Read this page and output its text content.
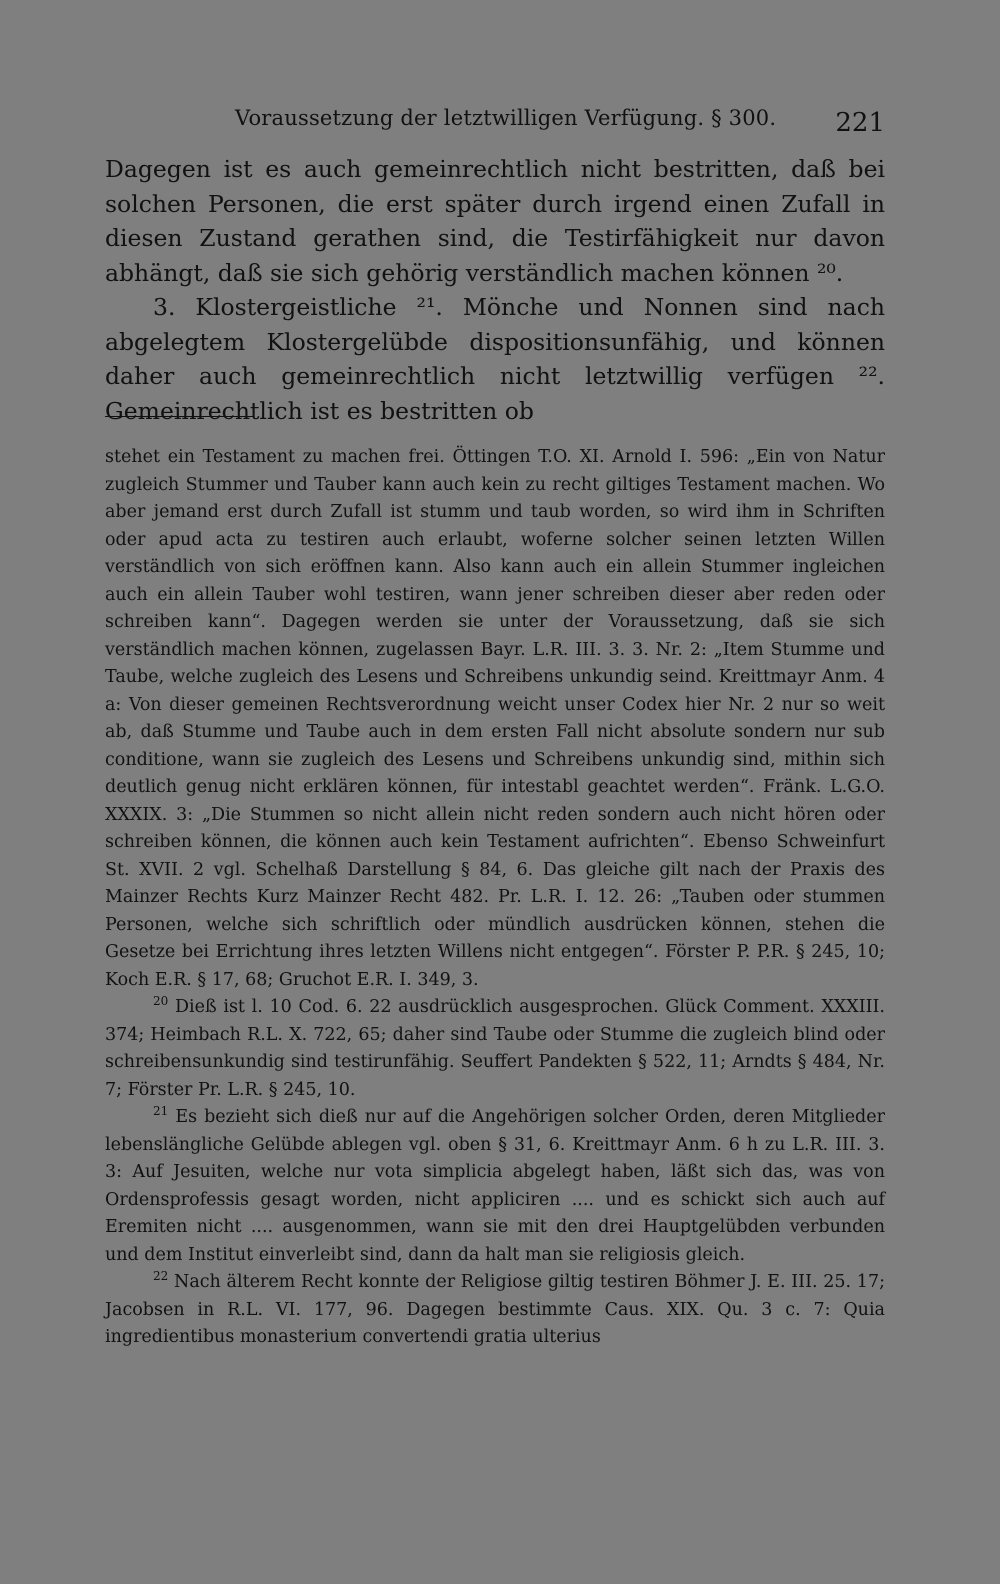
Voraussetzung der letztwilligen Verfügung. § 300. 221

Dagegen ist es auch gemeinrechtlich nicht bestritten, daß bei solchen Personen, die erst später durch irgend einen Zufall in diesen Zustand gerathen sind, die Testirfähigkeit nur davon abhängt, daß sie sich gehörig verständlich machen können ²⁰.

3. Klostergeistliche ²¹. Mönche und Nonnen sind nach abgelegtem Klostergelübde dispositionsunfähig, und können daher auch gemeinrechtlich nicht letztwillig verfügen ²². Gemeinrechtlich ist es bestritten ob

stehet ein Testament zu machen frei. Öttingen T.O. XI. Arnold I. 596: „Ein von Natur zugleich Stummer und Tauber kann auch kein zu recht giltiges Testament machen. Wo aber jemand erst durch Zufall ist stumm und taub worden, so wird ihm in Schriften oder apud acta zu testiren auch erlaubt, woferne solcher seinen letzten Willen verständlich von sich eröffnen kann. Also kann auch ein allein Stummer ingleichen auch ein allein Tauber wohl testiren, wann jener schreiben dieser aber reden oder schreiben kann“. Dagegen werden sie unter der Voraussetzung, daß sie sich verständlich machen können, zugelassen Bayr. L.R. III. 3. 3. Nr. 2: „Item Stumme und Taube, welche zugleich des Lesens und Schreibens unkundig seind. Kreittmayr Anm. 4 a: Von dieser gemeinen Rechtsverordnung weicht unser Codex hier Nr. 2 nur so weit ab, daß Stumme und Taube auch in dem ersten Fall nicht absolute sondern nur sub conditione, wann sie zugleich des Lesens und Schreibens unkundig sind, mithin sich deutlich genug nicht erklären können, für intestabl geachtet werden“. Fränk. L.G.O. XXXIX. 3: „Die Stummen so nicht allein nicht reden sondern auch nicht hören oder schreiben können, die können auch kein Testament aufrichten“. Ebenso Schweinfurt St. XVII. 2 vgl. Schelhaß Darstellung § 84, 6. Das gleiche gilt nach der Praxis des Mainzer Rechts Kurz Mainzer Recht 482. Pr. L.R. I. 12. 26: „Tauben oder stummen Personen, welche sich schriftlich oder mündlich ausdrücken können, stehen die Gesetze bei Errichtung ihres letzten Willens nicht entgegen“. Förster P. P.R. § 245, 10; Koch E.R. § 17, 68; Gruchot E.R. I. 349, 3.

$^{20}$ Dieß ist l. 10 Cod. 6. 22 ausdrücklich ausgesprochen. Glück Comment. XXXIII. 374; Heimbach R.L. X. 722, 65; daher sind Taube oder Stumme die zugleich blind oder schreibensunkundig sind testirunfähig. Seuffert Pandekten § 522, 11; Arndts § 484, Nr. 7; Förster Pr. L.R. § 245, 10.

$^{21}$ Es bezieht sich dieß nur auf die Angehörigen solcher Orden, deren Mitglieder lebenslängliche Gelübde ablegen vgl. oben § 31, 6. Kreittmayr Anm. 6 h zu L.R. III. 3. 3: Auf Jesuiten, welche nur vota simplicia abgelegt haben, läßt sich das, was von Ordensprofessis gesagt worden, nicht appliciren .... und es schickt sich auch auf Eremiten nicht .... ausgenommen, wann sie mit den drei Hauptgelübden verbunden und dem Institut einverleibt sind, dann da halt man sie religiosis gleich.

$^{22}$ Nach älterem Recht konnte der Religiose giltig testiren Böhmer J. E. III. 25. 17; Jacobsen in R.L. VI. 177, 96. Dagegen bestimmte Caus. XIX. Qu. 3 c. 7: Quia ingredientibus monasterium convertendi gratia ulterius
